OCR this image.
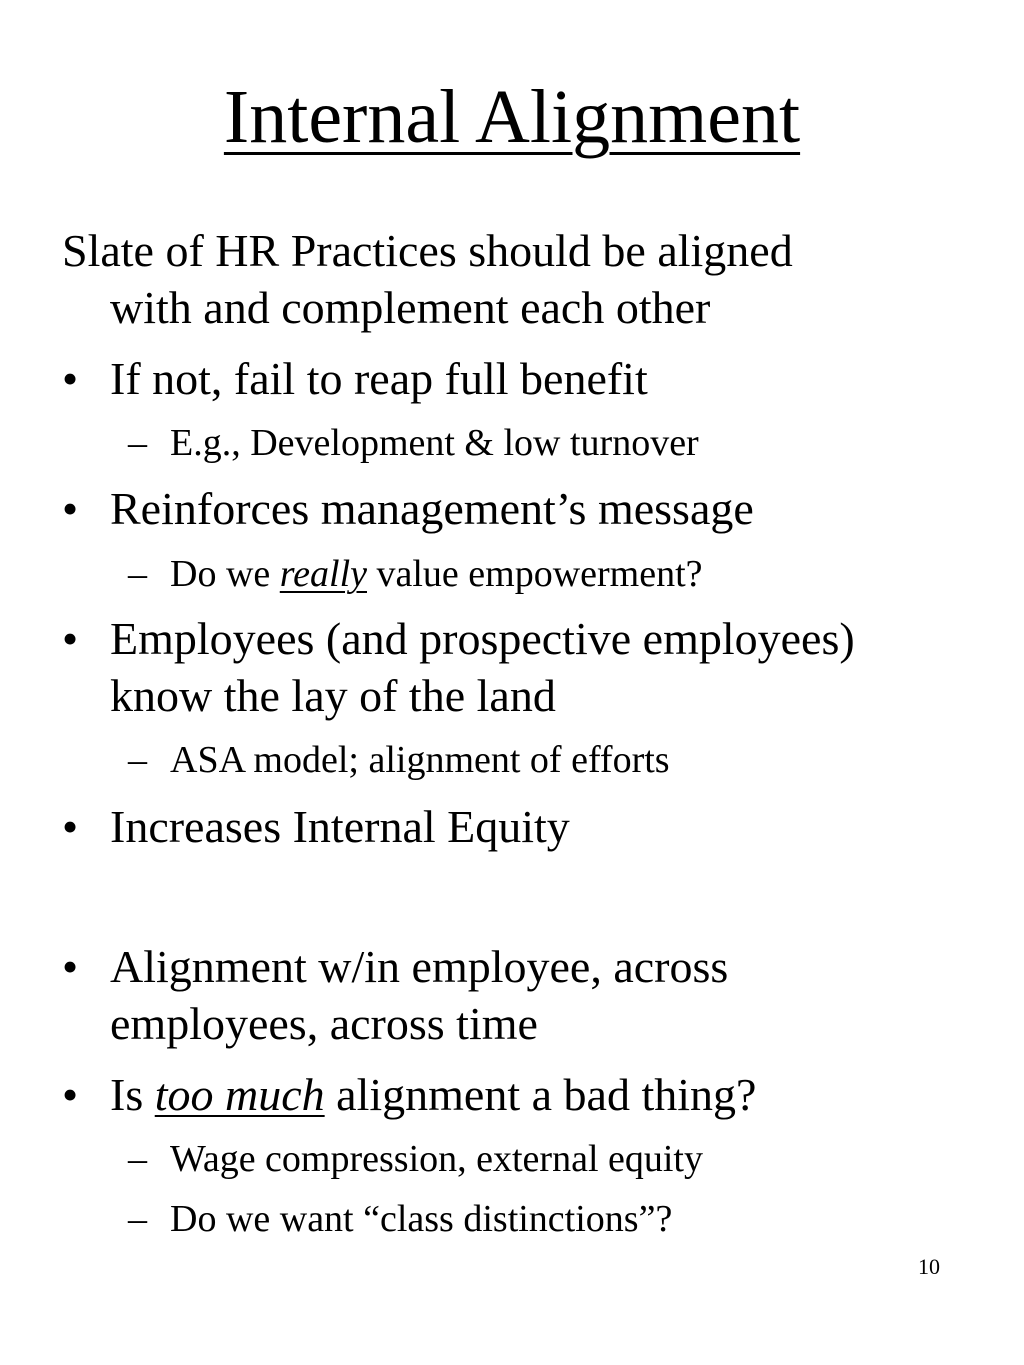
Internal Alignment
Slate of HR Practices should be aligned
with and complement each other
• If not, fail to reap full benefit
– E.g., Development & low turnover
• Reinforces management’s message
– Do we really value empowerment?
• Employees (and prospective employees)
know the lay of the land
– ASA model; alignment of efforts
• Increases Internal Equity
• Alignment w/in employee, across
employees, across time
• Is too much alignment a bad thing?
– Wage compression, external equity
– Do we want “class distinctions”?
10
